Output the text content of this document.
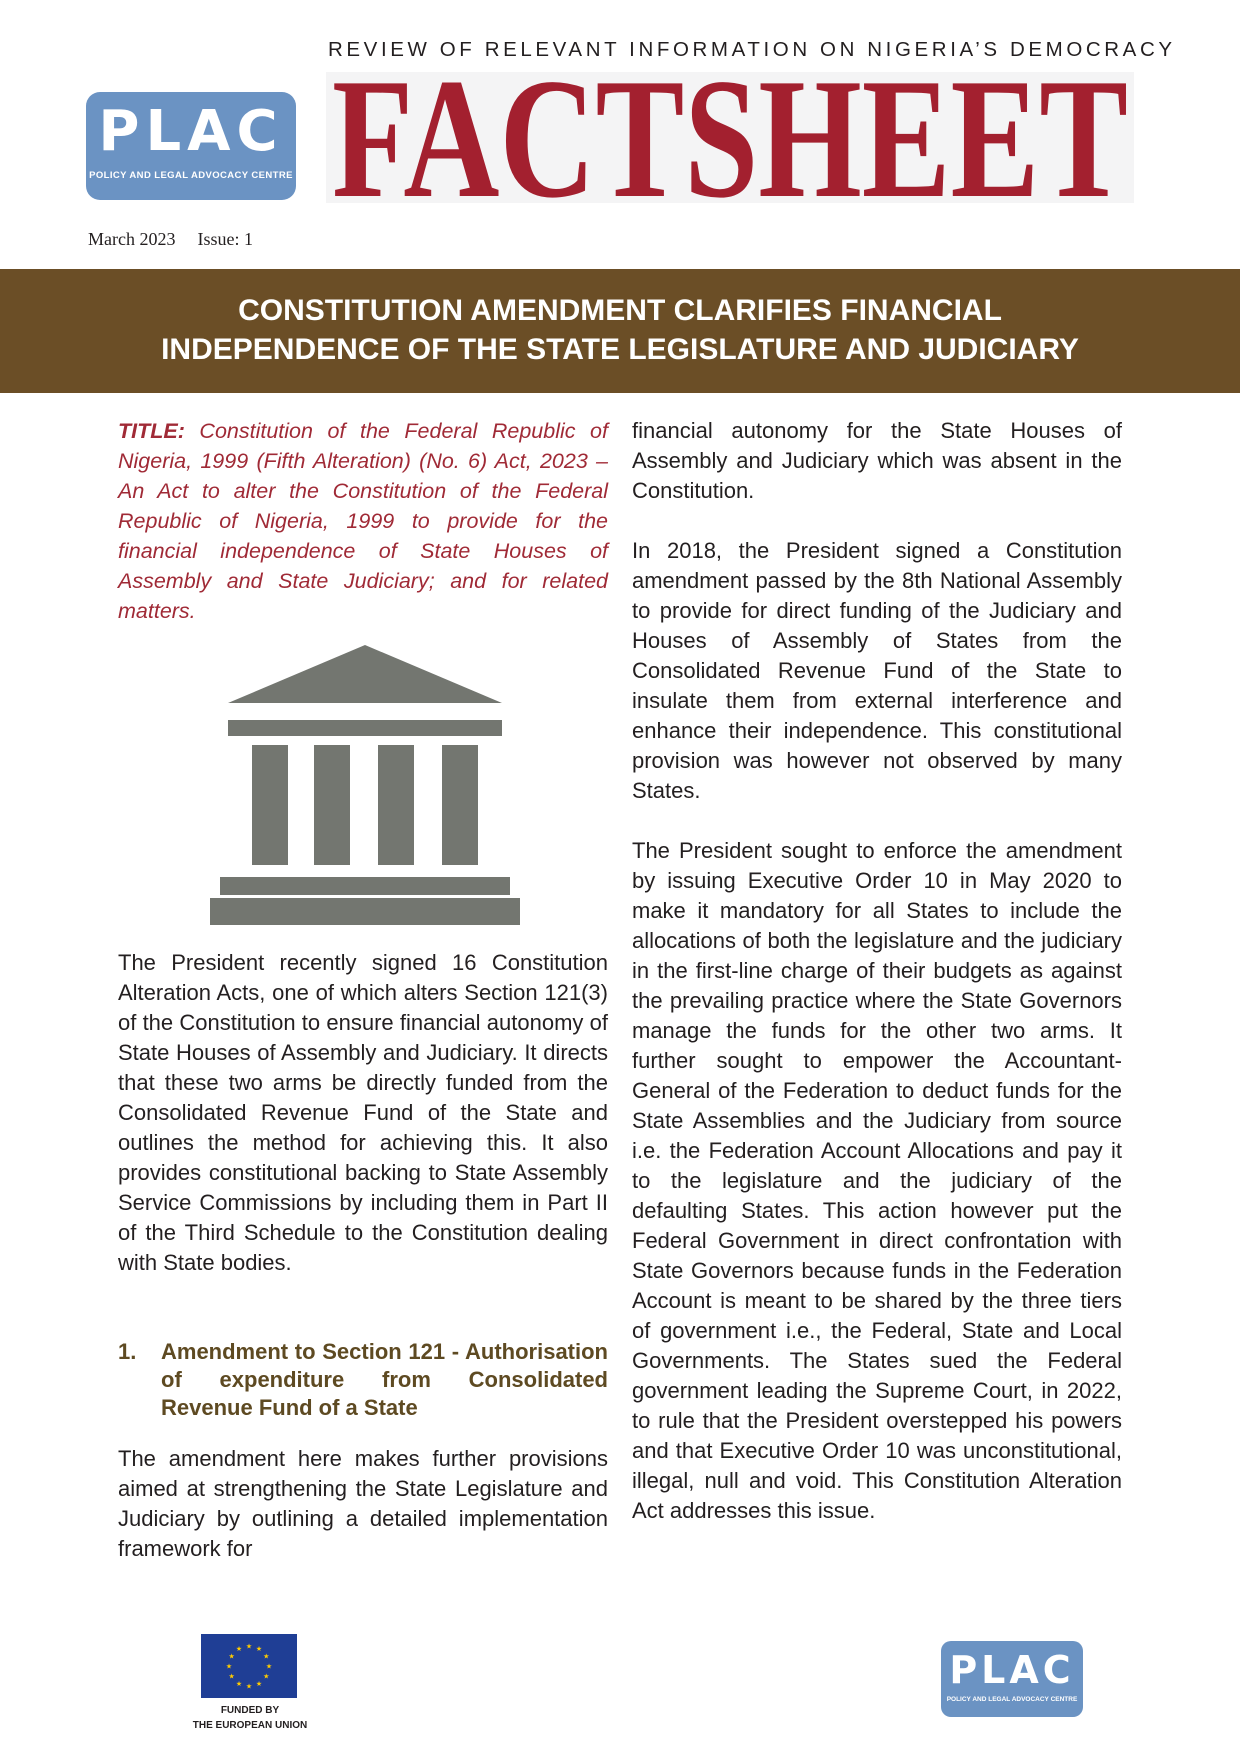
REVIEW OF RELEVANT INFORMATION ON NIGERIA’S DEMOCRACY
PLAC
POLICY AND LEGAL ADVOCACY CENTRE FACTSHEET
March 2023 Issue: 1
CONSTITUTION AMENDMENT CLARIFIES FINANCIAL
INDEPENDENCE OF THE STATE LEGISLATURE AND JUDICIARY
TITLE: Constitution of the Federal Republic of Nigeria, 1999 (Fifth Alteration) (No. 6) Act, 2023 – An Act to alter the Constitution of the Federal Republic of Nigeria, 1999 to provide for the financial independence of State Houses of Assembly and State Judiciary; and for related matters.

The President recently signed 16 Constitution Alteration Acts, one of which alters Section 121(3) of the Constitution to ensure financial autonomy of State Houses of Assembly and Judiciary. It directs that these two arms be directly funded from the Consolidated Revenue Fund of the State and outlines the method for achieving this. It also provides constitutional backing to State Assembly Service Commissions by including them in Part II of the Third Schedule to the Constitution dealing with State bodies.

1. Amendment to Section 121 - Authorisation of expenditure from Consolidated Revenue Fund of a State

The amendment here makes further provisions aimed at strengthening the State Legislature and Judiciary by outlining a detailed implementation framework for

financial autonomy for the State Houses of Assembly and Judiciary which was absent in the Constitution.

In 2018, the President signed a Constitution amendment passed by the 8th National Assembly to provide for direct funding of the Judiciary and Houses of Assembly of States from the Consolidated Revenue Fund of the State to insulate them from external interference and enhance their independence. This constitutional provision was however not observed by many States.

The President sought to enforce the amendment by issuing Executive Order 10 in May 2020 to make it mandatory for all States to include the allocations of both the legislature and the judiciary in the first-line charge of their budgets as against the prevailing practice where the State Governors manage the funds for the other two arms. It further sought to empower the Accountant-General of the Federation to deduct funds for the State Assemblies and the Judiciary from source i.e. the Federation Account Allocations and pay it to the legislature and the judiciary of the defaulting States. This action however put the Federal Government in direct confrontation with State Governors because funds in the Federation Account is meant to be shared by the three tiers of government i.e., the Federal, State and Local Governments. The States sued the Federal government leading the Supreme Court, in 2022, to rule that the President overstepped his powers and that Executive Order 10 was unconstitutional, illegal, null and void. This Constitution Alteration Act addresses this issue.

★
★
★
★
★
★
★
★
★ ★ ★
★
FUNDED BY
THE EUROPEAN UNION
PLAC
POLICY AND LEGAL ADVOCACY CENTRE
